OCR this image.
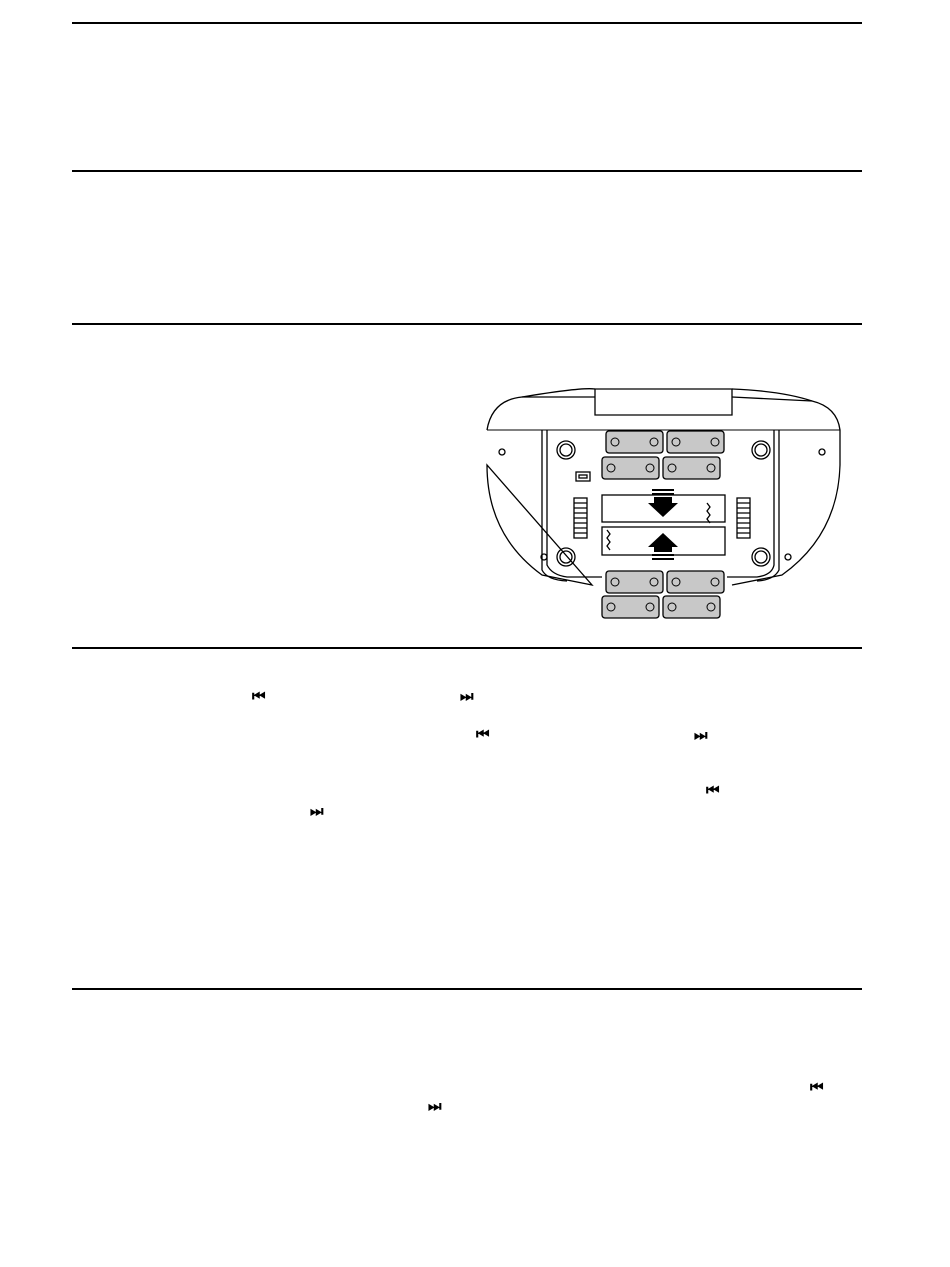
⏮	⏭
⏮	⏭
⏮
⏭
⏮
⏭
